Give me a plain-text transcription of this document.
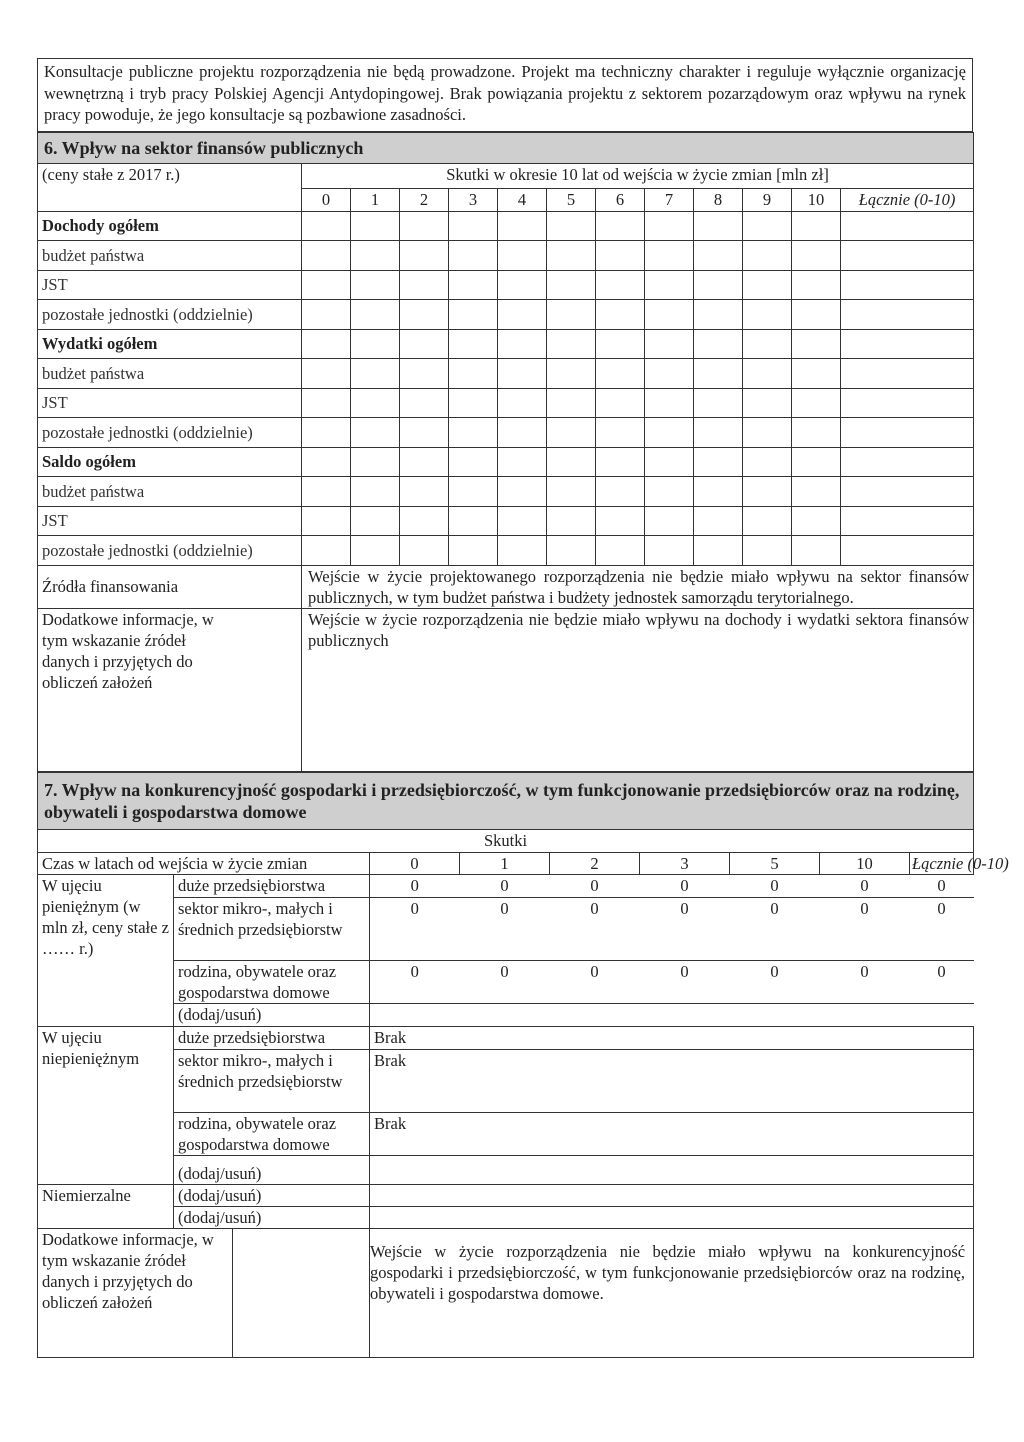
Konsultacje publiczne projektu rozporządzenia nie będą prowadzone. Projekt ma techniczny charakter i reguluje wyłącznie organizację wewnętrzną i tryb pracy Polskiej Agencji Antydopingowej. Brak powiązania projektu z sektorem pozarządowym oraz wpływu na rynek pracy powoduje, że jego konsultacje są pozbawione zasadności.
6. Wpływ na sektor finansów publicznych												
(ceny stałe z 2017 r.)	Skutki w okresie 10 lat od wejścia w życie zmian [mln zł]											
	0	1	2	3	4	5	6	7	8	9	10	Łącznie (0-10)
Dochody ogółem												
budżet państwa												
JST												
pozostałe jednostki (oddzielnie)												
Wydatki ogółem												
budżet państwa												
JST												
pozostałe jednostki (oddzielnie)												
Saldo ogółem												
budżet państwa												
JST												
pozostałe jednostki (oddzielnie)												

Źródła finansowania	Wejście w życie projektowanego rozporządzenia nie będzie miało wpływu na sektor finansów publicznych, w tym budżet państwa i budżety jednostek samorządu terytorialnego.											

Dodatkowe informacje, w tym wskazanie źródeł danych i przyjętych do obliczeń założeń	Wejście w życie rozporządzenia nie będzie miało wpływu na dochody i wydatki sektora finansów publicznych											
7. Wpływ na konkurencyjność gospodarki i przedsiębiorczość, w tym funkcjonowanie przedsiębiorców oraz na rodzinę, obywateli i gospodarstwa domowe								
Skutki								
Czas w latach od wejścia w życie zmian		0	1	2	3	5	10	Łącznie (0-10)
W ujęciu pieniężnym (w mln zł, ceny stałe z …… r.)	duże przedsiębiorstwa	0	0	0	0	0	0	0
	sektor mikro-, małych i średnich przedsiębiorstw	0	0	0	0	0	0	0
	rodzina, obywatele oraz gospodarstwa domowe	0	0	0	0	0	0	0
	(dodaj/usuń)							
W ujęciu niepieniężnym	duże przedsiębiorstwa	Brak						
	sektor mikro-, małych i średnich przedsiębiorstw	Brak						
	rodzina, obywatele oraz gospodarstwa domowe	Brak						
	(dodaj/usuń)							
Niemierzalne	(dodaj/usuń)							
	(dodaj/usuń)							

Dodatkowe informacje, w tym wskazanie źródeł danych i przyjętych do obliczeń założeń		Wejście w życie rozporządzenia nie będzie miało wpływu na konkurencyjność gospodarki i przedsiębiorczość, w tym funkcjonowanie przedsiębiorców oraz na rodzinę, obywateli i gospodarstwa domowe.						
